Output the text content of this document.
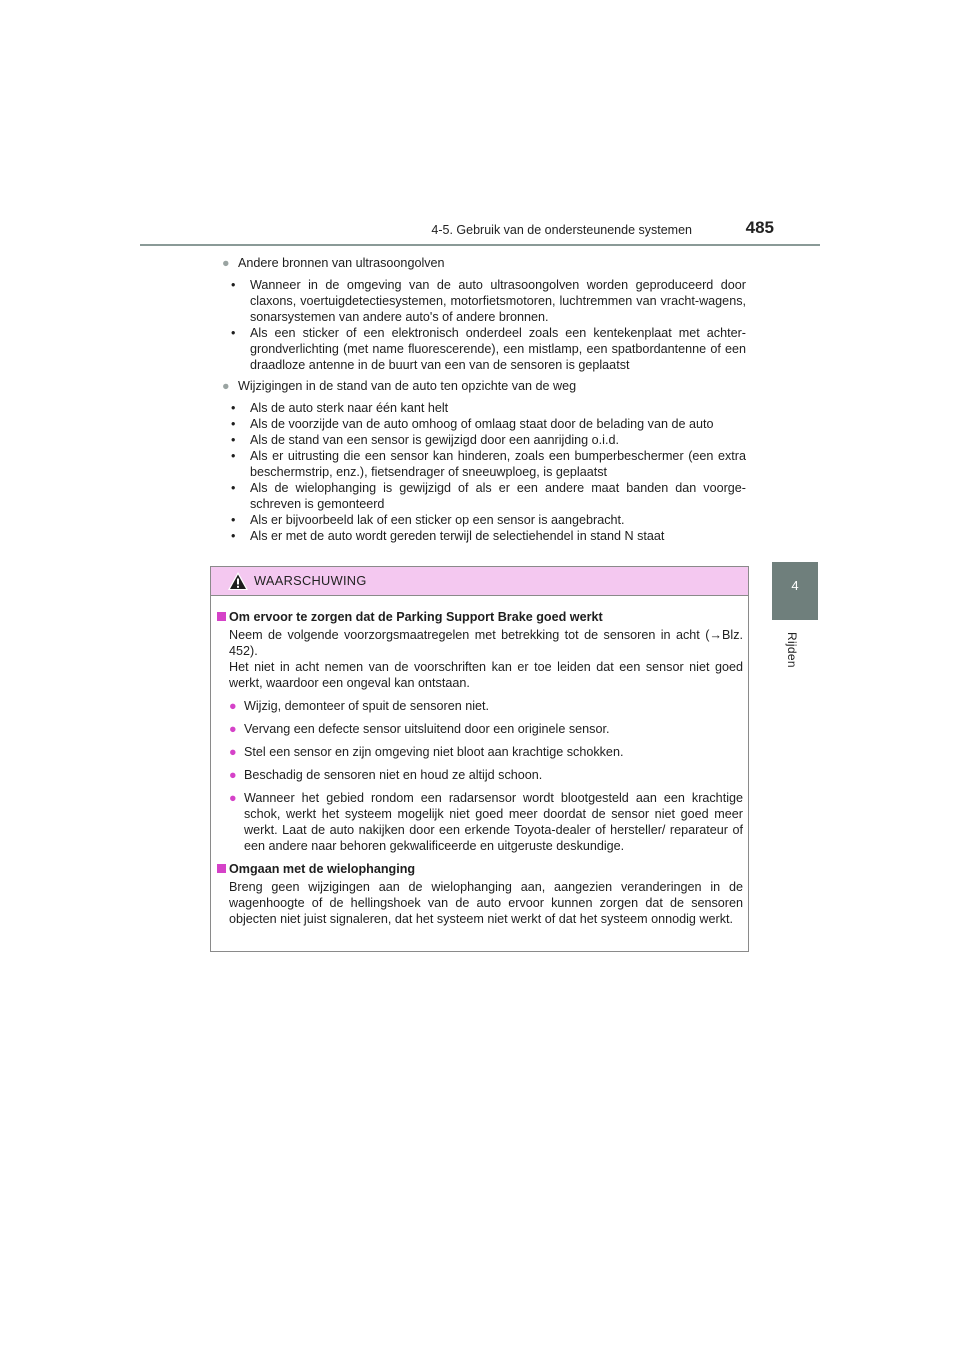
4-5. Gebruik van de ondersteunende systemen	485
4
Rijden
● Andere bronnen van ultrasoongolven
• Wanneer in de omgeving van de auto ultrasoongolven worden geproduceerd door claxons, voertuigdetectiesystemen, motorfietsmotoren, luchtremmen van vracht-wagens, sonarsystemen van andere auto's of andere bronnen.
• Als een sticker of een elektronisch onderdeel zoals een kentekenplaat met achter-grondverlichting (met name fluorescerende), een mistlamp, een spatbordantenne of een draadloze antenne in de buurt van een van de sensoren is geplaatst
● Wijzigingen in de stand van de auto ten opzichte van de weg
• Als de auto sterk naar één kant helt
• Als de voorzijde van de auto omhoog of omlaag staat door de belading van de auto
• Als de stand van een sensor is gewijzigd door een aanrijding o.i.d.
• Als er uitrusting die een sensor kan hinderen, zoals een bumperbeschermer (een extra beschermstrip, enz.), fietsendrager of sneeuwploeg, is geplaatst
• Als de wielophanging is gewijzigd of als er een andere maat banden dan voorge-schreven is gemonteerd
• Als er bijvoorbeeld lak of een sticker op een sensor is aangebracht.
• Als er met de auto wordt gereden terwijl de selectiehendel in stand N staat
WAARSCHUWING
Om ervoor te zorgen dat de Parking Support Brake goed werkt
Neem de volgende voorzorgsmaatregelen met betrekking tot de sensoren in acht (→Blz. 452).
Het niet in acht nemen van de voorschriften kan er toe leiden dat een sensor niet goed werkt, waardoor een ongeval kan ontstaan.
● Wijzig, demonteer of spuit de sensoren niet.
● Vervang een defecte sensor uitsluitend door een originele sensor.
● Stel een sensor en zijn omgeving niet bloot aan krachtige schokken.
● Beschadig de sensoren niet en houd ze altijd schoon.
● Wanneer het gebied rondom een radarsensor wordt blootgesteld aan een krachtige schok, werkt het systeem mogelijk niet goed meer doordat de sensor niet goed meer werkt. Laat de auto nakijken door een erkende Toyota-dealer of hersteller/ reparateur of een andere naar behoren gekwalificeerde en uitgeruste deskundige.
Omgaan met de wielophanging
Breng geen wijzigingen aan de wielophanging aan, aangezien veranderingen in de wagenhoogte of de hellingshoek van de auto ervoor kunnen zorgen dat de sensoren objecten niet juist signaleren, dat het systeem niet werkt of dat het systeem onnodig werkt.
